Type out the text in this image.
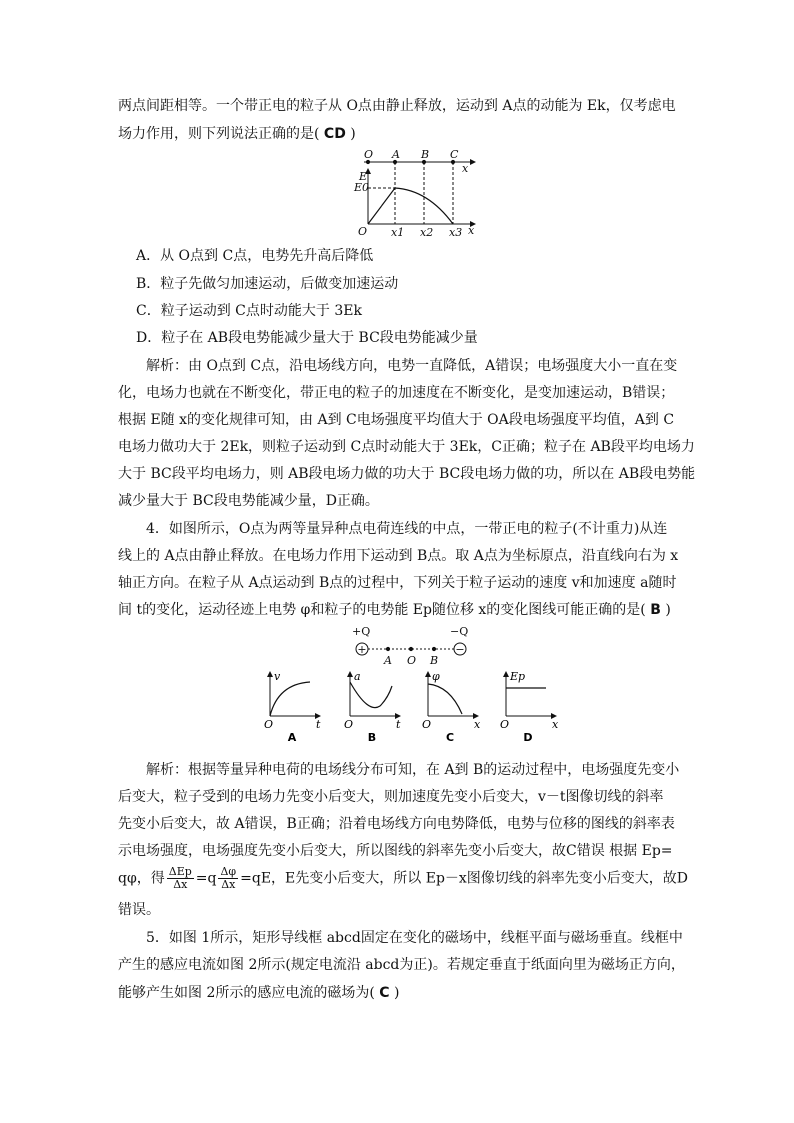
两点间距相等。一个带正电的粒子从 O点由静止释放，运动到 A点的动能为 Ek，仅考虑电
场力作用，则下列说法正确的是( CD )
O A B C
x
E
E0
O x1 x2 x3 x
A．从 O点到 C点，电势先升高后降低
B．粒子先做匀加速运动，后做变加速运动
C．粒子运动到 C点时动能大于 3Ek
D．粒子在 AB段电势能减少量大于 BC段电势能减少量
解析：由 O点到 C点，沿电场线方向，电势一直降低，A错误；电场强度大小一直在变
化，电场力也就在不断变化，带正电的粒子的加速度在不断变化，是变加速运动，B错误；
根据 E随 x的变化规律可知，由 A到 C电场强度平均值大于 OA段电场强度平均值，A到 C
电场力做功大于 2Ek，则粒子运动到 C点时动能大于 3Ek，C正确；粒子在 AB段平均电场力
大于 BC段平均电场力，则 AB段电场力做的功大于 BC段电场力做的功，所以在 AB段电势能
减少量大于 BC段电势能减少量，D正确。
4．如图所示，O点为两等量异种点电荷连线的中点，一带正电的粒子(不计重力)从连
线上的 A点由静止释放。在电场力作用下运动到 B点。取 A点为坐标原点，沿直线向右为 x
轴正方向。在粒子从 A点运动到 B点的过程中，下列关于粒子运动的速度 v和加速度 a随时
间 t的变化，运动径迹上电势 φ和粒子的电势能 Ep随位移 x的变化图线可能正确的是( B )
+	−
+Q	−Q
A O B
v
t
O
A
a
t
O
B
φ
x
O
C
Ep
x
O
D
解析：根据等量异种电荷的电场线分布可知，在 A到 B的运动过程中，电场强度先变小
后变大，粒子受到的电场力先变小后变大，则加速度先变小后变大，v－t图像切线的斜率
先变小后变大，故 A错误，B正确；沿着电场线方向电势降低，电势与位移的图线的斜率表
示电场强度，电场强度先变小后变大，所以图线的斜率先变小后变大，故C错误 根据 Ep=
qφ，得 $\frac{\text{ΔEp}}{\Delta x} =q \frac{\Delta\varphi}{\Delta x} =qE$，E先变小后变大，所以 Ep－x图像切线的斜率先变小后变大，故D
错误。
5．如图 1所示，矩形导线框 abcd固定在变化的磁场中，线框平面与磁场垂直。线框中
产生的感应电流如图 2所示(规定电流沿 abcd为正)。若规定垂直于纸面向里为磁场正方向，
能够产生如图 2所示的感应电流的磁场为( C )
